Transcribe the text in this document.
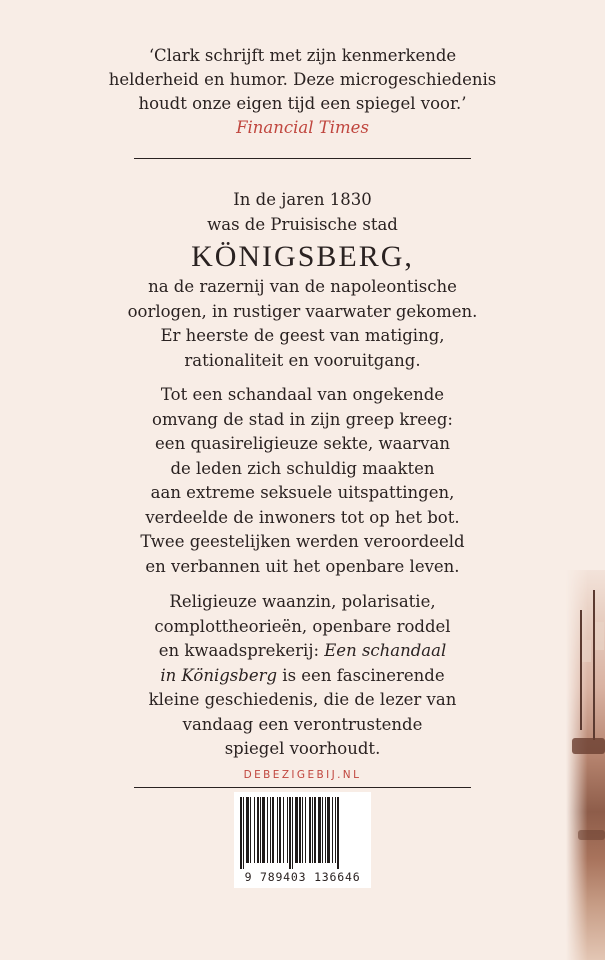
‘Clark schrijft met zijn kenmerkende
helderheid en humor. Deze microgeschiedenis
houdt onze eigen tijd een spiegel voor.’
Financial Times
In de jaren 1830
was de Pruisische stad
KÖNIGSBERG,
na de razernij van de napoleontische
oorlogen, in rustiger vaarwater gekomen.
Er heerste de geest van matiging,
rationaliteit en vooruitgang.
Tot een schandaal van ongekende
omvang de stad in zijn greep kreeg:
een quasireligieuze sekte, waarvan
de leden zich schuldig maakten
aan extreme seksuele uitspattingen,
verdeelde de inwoners tot op het bot.
Twee geestelijken werden veroordeeld
en verbannen uit het openbare leven.
Religieuze waanzin, polarisatie,
complottheorieën, openbare roddel
en kwaadsprekerij: Een schandaal
in Königsberg is een fascinerende
kleine geschiedenis, die de lezer van
vandaag een verontrustende
spiegel voorhoudt.
DEBEZIGEBIJ.NL
9 789403 136646
